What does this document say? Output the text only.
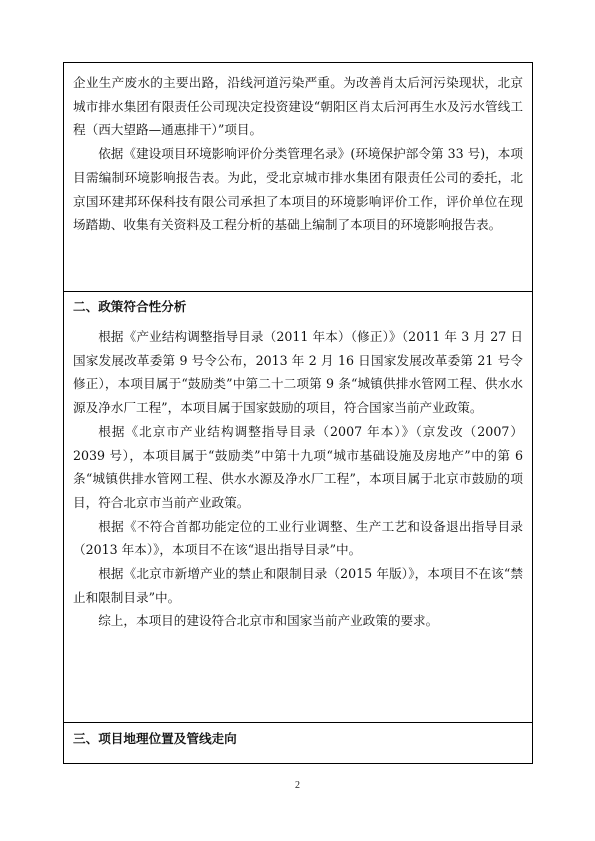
企业生产废水的主要出路，沿线河道污染严重。为改善肖太后河污染现状，北京城市排水集团有限责任公司现决定投资建设“朝阳区肖太后河再生水及污水管线工程（西大望路—通惠排干）”项目。

依据《建设项目环境影响评价分类管理名录》(环境保护部令第 33 号)，本项目需编制环境影响报告表。为此，受北京城市排水集团有限责任公司的委托，北京国环建邦环保科技有限公司承担了本项目的环境影响评价工作，评价单位在现场踏勘、收集有关资料及工程分析的基础上编制了本项目的环境影响报告表。

二、政策符合性分析

根据《产业结构调整指导目录（2011 年本）（修正）》（2011 年 3 月 27 日国家发展改革委第 9 号令公布，2013 年 2 月 16 日国家发展改革委第 21 号令修正），本项目属于“鼓励类”中第二十二项第 9 条“城镇供排水管网工程、供水水源及净水厂工程”，本项目属于国家鼓励的项目，符合国家当前产业政策。

根据《北京市产业结构调整指导目录（2007 年本）》（京发改（2007）2039 号），本项目属于“鼓励类”中第十九项“城市基础设施及房地产”中的第 6 条“城镇供排水管网工程、供水水源及净水厂工程”，本项目属于北京市鼓励的项目，符合北京市当前产业政策。

根据《不符合首都功能定位的工业行业调整、生产工艺和设备退出指导目录（2013 年本）》，本项目不在该“退出指导目录”中。

根据《北京市新增产业的禁止和限制目录（2015 年版）》，本项目不在该“禁止和限制目录”中。

综上，本项目的建设符合北京市和国家当前产业政策的要求。

三、项目地理位置及管线走向

2
